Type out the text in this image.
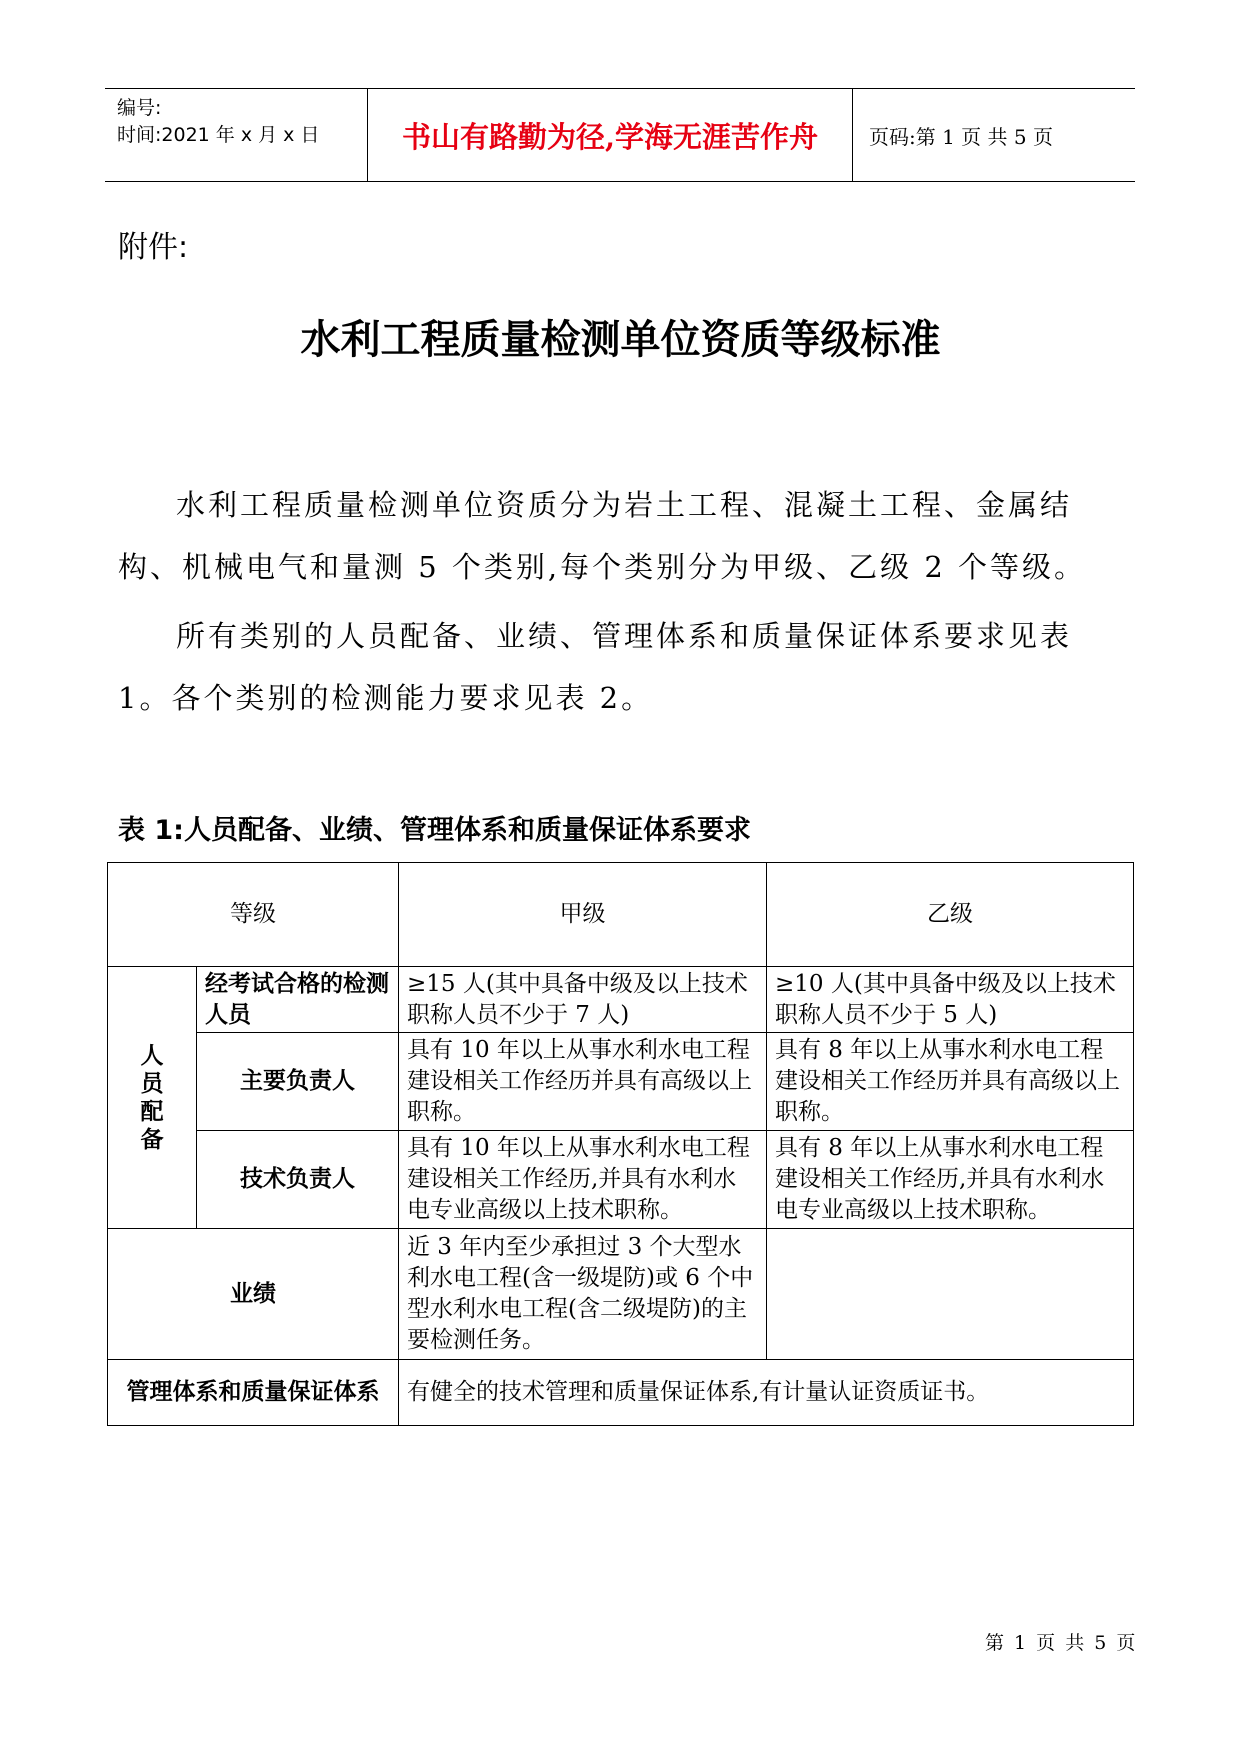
编号:
时间:2021 年 x 月 x 日	书山有路勤为径,学海无涯苦作舟	页码:第 1 页 共 5 页
附件:
水利工程质量检测单位资质等级标准

水利工程质量检测单位资质分为岩土工程、混凝土工程、金属结构、机械电气和量测 5 个类别,每个类别分为甲级、乙级 2 个等级。

所有类别的人员配备、业绩、管理体系和质量保证体系要求见表 1。各个类别的检测能力要求见表 2。

表 1:人员配备、业绩、管理体系和质量保证体系要求
等级		甲级	乙级

人
员
配
备	经考试合格的检测人员	≥15 人(其中具备中级及以上技术职称人员不少于 7 人)	≥10 人(其中具备中级及以上技术职称人员不少于 5 人)
	主要负责人	具有 10 年以上从事水利水电工程建设相关工作经历并具有高级以上职称。	具有 8 年以上从事水利水电工程建设相关工作经历并具有高级以上职称。
	技术负责人	具有 10 年以上从事水利水电工程建设相关工作经历,并具有水利水电专业高级以上技术职称。	具有 8 年以上从事水利水电工程建设相关工作经历,并具有水利水电专业高级以上技术职称。
业绩		近 3 年内至少承担过 3 个大型水利水电工程(含一级堤防)或 6 个中型水利水电工程(含二级堤防)的主要检测任务。	
管理体系和质量保证体系		有健全的技术管理和质量保证体系,有计量认证资质证书。	
第 1 页 共 5 页
